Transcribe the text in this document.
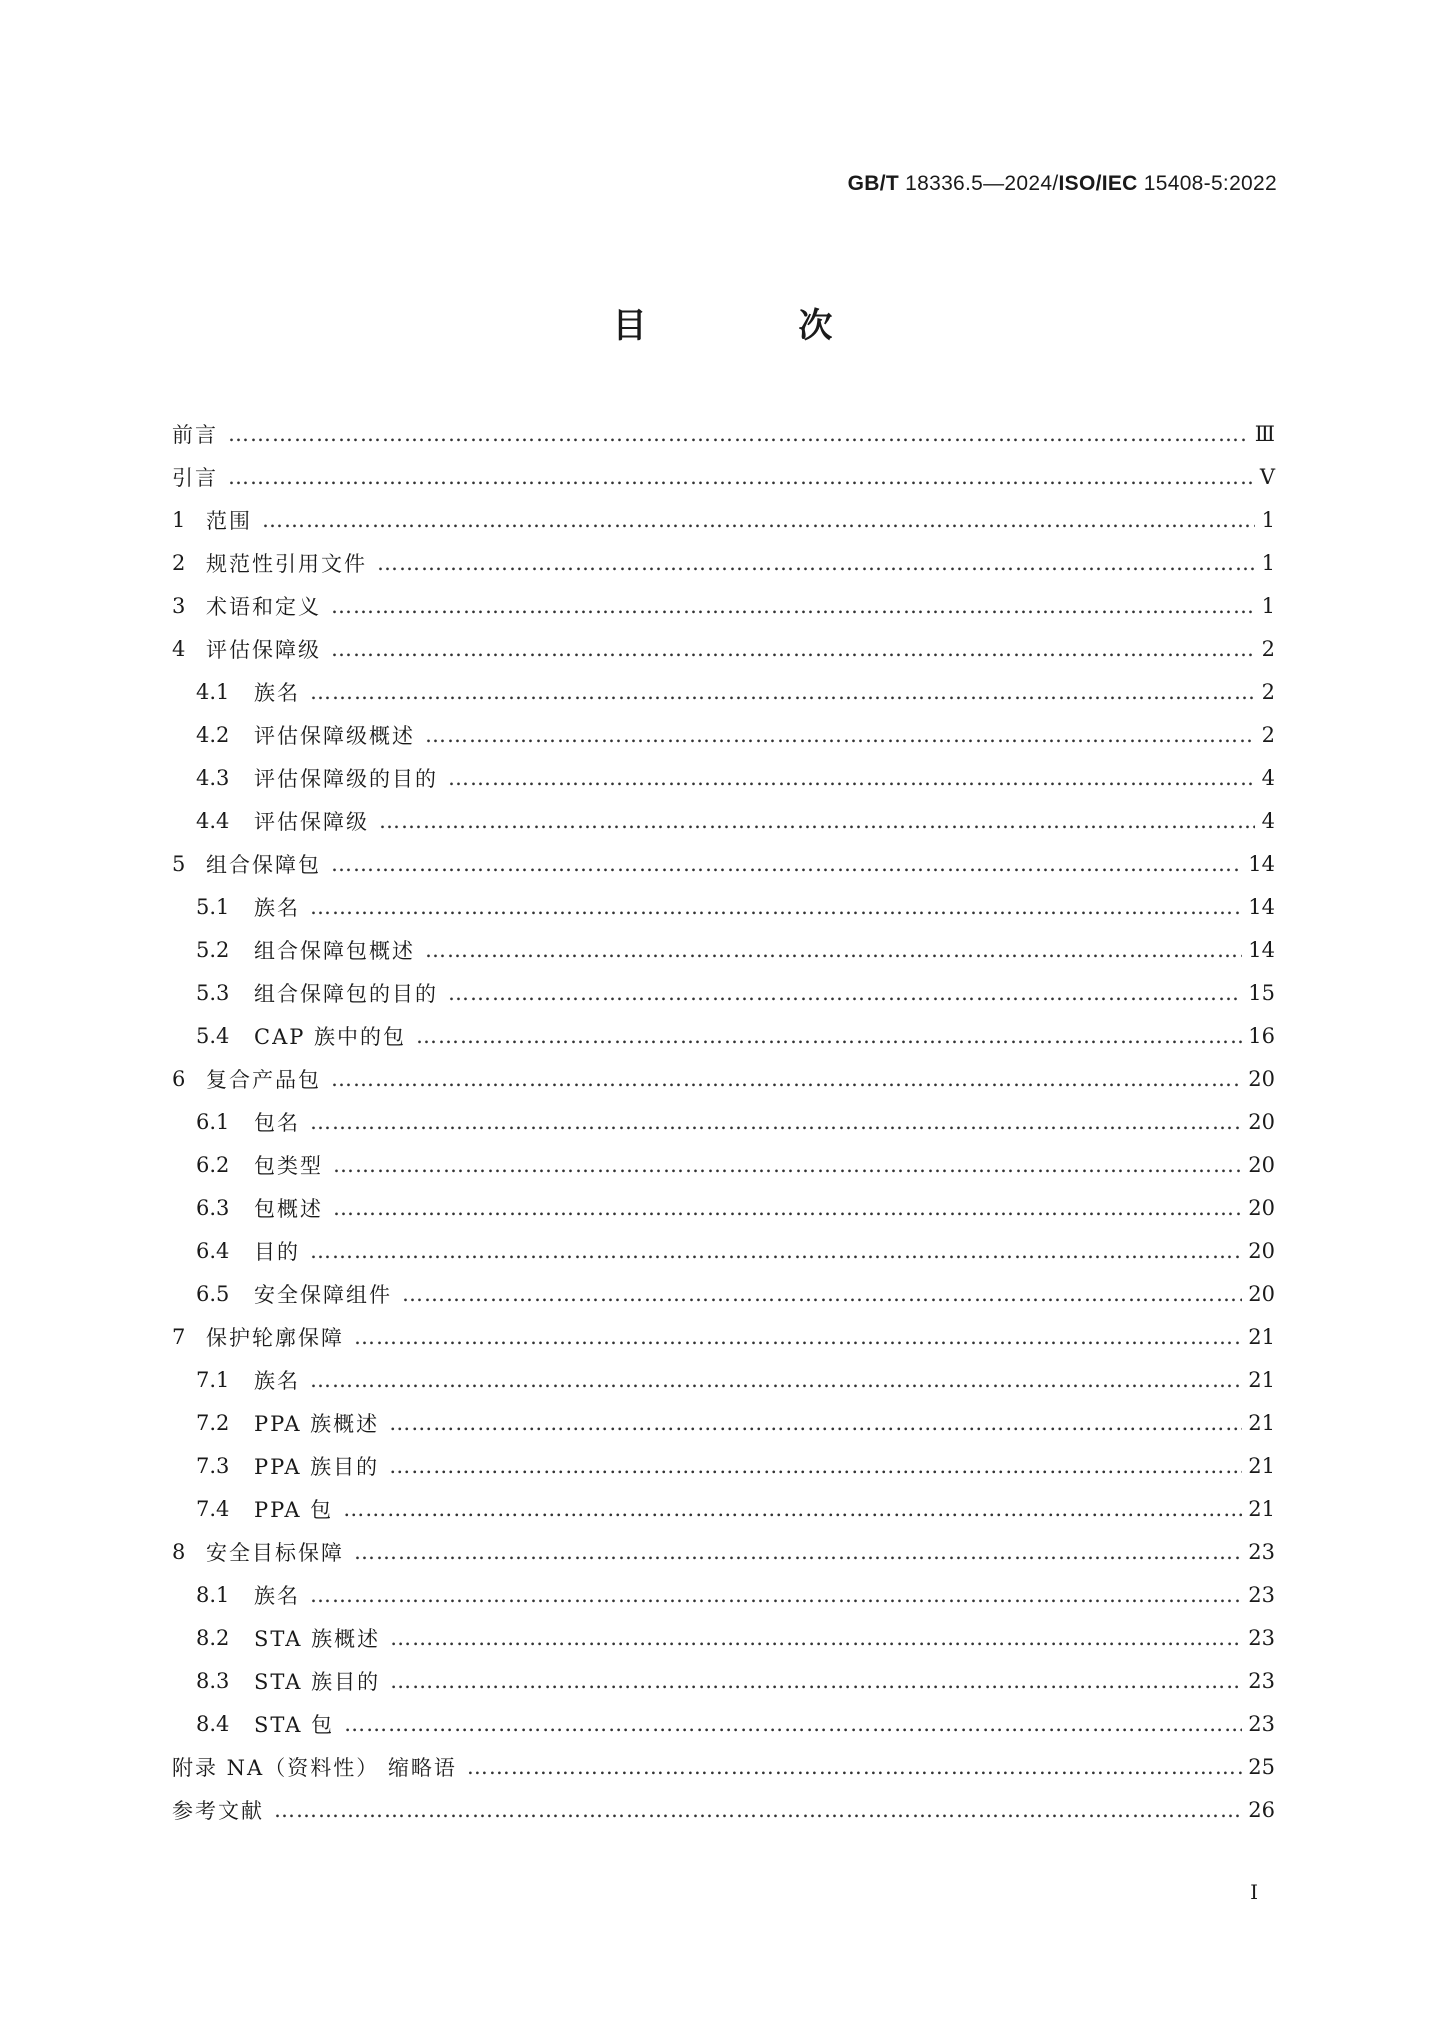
GB/T 18336.5—2024/ISO/IEC 15408-5:2022
目 次
前言 …………………………………………………………………………………………………………………………………………………………………………………………………………………………	Ⅲ
引言 …………………………………………………………………………………………………………………………………………………………………………………………………………………………	Ⅴ
1 范围 …………………………………………………………………………………………………………………………………………………………………………………………………………………………	1
2 规范性引用文件 …………………………………………………………………………………………………………………………………………………………………………………………………………………………	1
3 术语和定义 …………………………………………………………………………………………………………………………………………………………………………………………………………………………	1
4 评估保障级 …………………………………………………………………………………………………………………………………………………………………………………………………………………………	2
4.1	族名 …………………………………………………………………………………………………………………………………………………………………………………………………………………………	2
4.2	评估保障级概述 …………………………………………………………………………………………………………………………………………………………………………………………………………………………	2
4.3	评估保障级的目的 …………………………………………………………………………………………………………………………………………………………………………………………………………………………	4
4.4	评估保障级 …………………………………………………………………………………………………………………………………………………………………………………………………………………………	4
5 组合保障包 …………………………………………………………………………………………………………………………………………………………………………………………………………………………	14
5.1	族名 …………………………………………………………………………………………………………………………………………………………………………………………………………………………	14
5.2	组合保障包概述 …………………………………………………………………………………………………………………………………………………………………………………………………………………………	14
5.3	组合保障包的目的 …………………………………………………………………………………………………………………………………………………………………………………………………………………………	15
5.4	CAP 族中的包 …………………………………………………………………………………………………………………………………………………………………………………………………………………………	16
6 复合产品包 …………………………………………………………………………………………………………………………………………………………………………………………………………………………	20
6.1	包名 …………………………………………………………………………………………………………………………………………………………………………………………………………………………	20
6.2	包类型 …………………………………………………………………………………………………………………………………………………………………………………………………………………………	20
6.3	包概述 …………………………………………………………………………………………………………………………………………………………………………………………………………………………	20
6.4	目的 …………………………………………………………………………………………………………………………………………………………………………………………………………………………	20
6.5	安全保障组件 …………………………………………………………………………………………………………………………………………………………………………………………………………………………	20
7 保护轮廓保障 …………………………………………………………………………………………………………………………………………………………………………………………………………………………	21
7.1	族名 …………………………………………………………………………………………………………………………………………………………………………………………………………………………	21
7.2	PPA 族概述 …………………………………………………………………………………………………………………………………………………………………………………………………………………………	21
7.3	PPA 族目的 …………………………………………………………………………………………………………………………………………………………………………………………………………………………	21
7.4	PPA 包 …………………………………………………………………………………………………………………………………………………………………………………………………………………………	21
8 安全目标保障 …………………………………………………………………………………………………………………………………………………………………………………………………………………………	23
8.1	族名 …………………………………………………………………………………………………………………………………………………………………………………………………………………………	23
8.2	STA 族概述 …………………………………………………………………………………………………………………………………………………………………………………………………………………………	23
8.3	STA 族目的 …………………………………………………………………………………………………………………………………………………………………………………………………………………………	23
8.4	STA 包 …………………………………………………………………………………………………………………………………………………………………………………………………………………………	23
附录 NA（资料性） 缩略语 …………………………………………………………………………………………………………………………………………………………………………………………………………………………	25
参考文献 …………………………………………………………………………………………………………………………………………………………………………………………………………………………	26
I
